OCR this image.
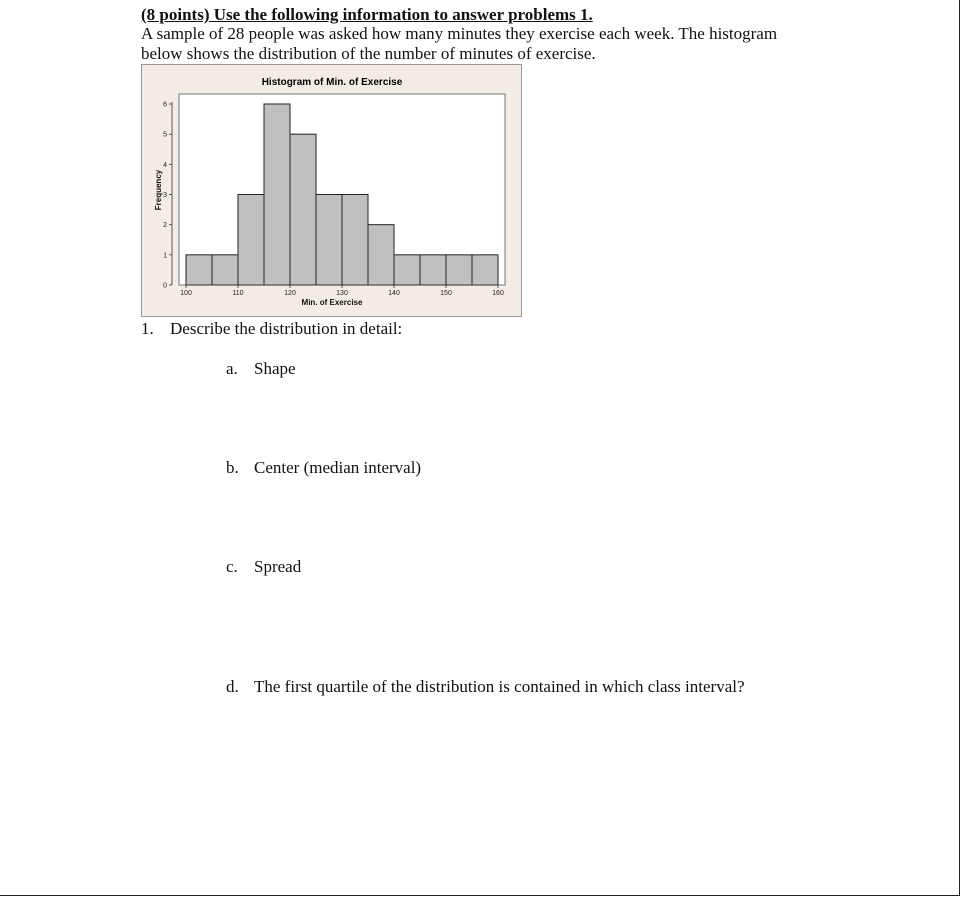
(8 points) Use the following information to answer problems 1.
A sample of 28 people was asked how many minutes they exercise each week. The histogram
below shows the distribution of the number of minutes of exercise.
Histogram of Min. of Exercise
Min. of Exercise
Frequency
0
1
2
3
4
5
6
100	110	120	130	140	150	160
1. Describe the distribution in detail:
a. Shape
b. Center (median interval)
c. Spread
d. The first quartile of the distribution is contained in which class interval?
